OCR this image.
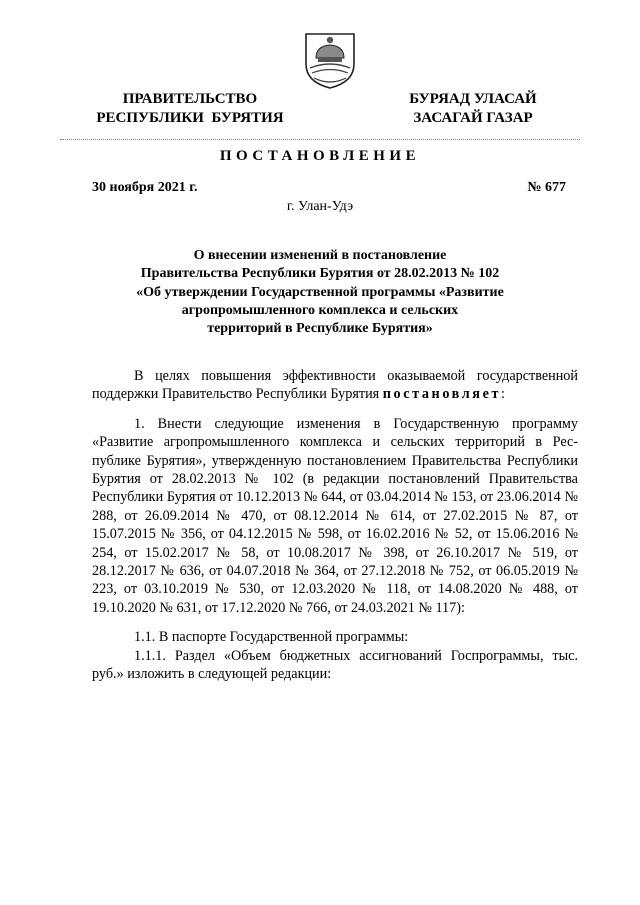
ПРАВИТЕЛЬСТВО
РЕСПУБЛИКИ  БУРЯТИЯ
БУРЯАД УЛАСАЙ
ЗАСАГАЙ ГАЗАР
ПОСТАНОВЛЕНИЕ
30 ноября 2021 г.	№ 677
г. Улан-Удэ
О внесении изменений в постановление
Правительства Республики Бурятия от 28.02.2013 № 102
«Об утверждении Государственной программы «Развитие
агропромышленного комплекса и сельских
территорий в Республике Бурятия»

В целях повышения эффективности оказываемой государственной поддержки Правительство Республики Бурятия постановляет:

1. Внести следующие изменения в Государственную программу «Развитие агропромышленного комплекса и сельских территорий в Рес-публике Бурятия», утвержденную постановлением Правительства Республики Бурятия от 28.02.2013 № 102 (в редакции постановлений Правительства Республики Бурятия от 10.12.2013 № 644, от 03.04.2014 № 153, от 23.06.2014 № 288, от 26.09.2014 № 470, от 08.12.2014 № 614, от 27.02.2015 № 87, от 15.07.2015 № 356, от 04.12.2015 № 598, от 16.02.2016 № 52, от 15.06.2016 № 254, от 15.02.2017 № 58, от 10.08.2017 № 398, от 26.10.2017 № 519, от 28.12.2017 № 636, от 04.07.2018 № 364, от 27.12.2018 № 752, от 06.05.2019 № 223, от 03.10.2019 № 530, от 12.03.2020 № 118, от 14.08.2020 № 488, от 19.10.2020 № 631, от 17.12.2020 № 766, от 24.03.2021 № 117):

1.1. В паспорте Государственной программы:

1.1.1. Раздел «Объем бюджетных ассигнований Госпрограммы, тыс. руб.» изложить в следующей редакции:
